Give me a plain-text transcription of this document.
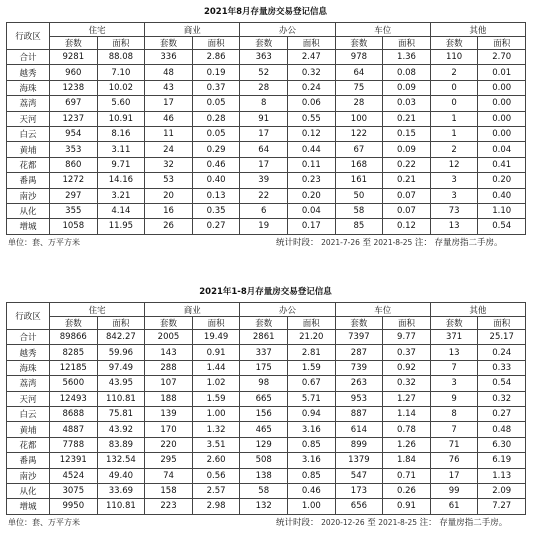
2021年8月存量房交易登记信息
行政区	住宅		商业		办公		车位		其他	
	套数	面积	套数	面积	套数	面积	套数	面积	套数	面积
合计	9281	88.08	336	2.86	363	2.47	978	1.36	110	2.70
越秀	960	7.10	48	0.19	52	0.32	64	0.08	2	0.01
海珠	1238	10.02	43	0.37	28	0.24	75	0.09	0	0.00
荔湾	697	5.60	17	0.05	8	0.06	28	0.03	0	0.00
天河	1237	10.91	46	0.28	91	0.55	100	0.21	1	0.00
白云	954	8.16	11	0.05	17	0.12	122	0.15	1	0.00
黄埔	353	3.11	24	0.29	64	0.44	67	0.09	2	0.04
花都	860	9.71	32	0.46	17	0.11	168	0.22	12	0.41
番禺	1272	14.16	53	0.40	39	0.23	161	0.21	3	0.20
南沙	297	3.21	20	0.13	22	0.20	50	0.07	3	0.40
从化	355	4.14	16	0.35	6	0.04	58	0.07	73	1.10
增城	1058	11.95	26	0.27	19	0.17	85	0.12	13	0.54
单位：套、万平方米	统计时段： 2021-7-26 至 2021-8-25 注： 存量房指二手房。
2021年1-8月存量房交易登记信息
行政区	住宅		商业		办公		车位		其他	
	套数	面积	套数	面积	套数	面积	套数	面积	套数	面积
合计	89866	842.27	2005	19.49	2861	21.20	7397	9.77	371	25.17
越秀	8285	59.96	143	0.91	337	2.81	287	0.37	13	0.24
海珠	12185	97.49	288	1.44	175	1.59	739	0.92	7	0.33
荔湾	5600	43.95	107	1.02	98	0.67	263	0.32	3	0.54
天河	12493	110.81	188	1.59	665	5.71	953	1.27	9	0.32
白云	8688	75.81	139	1.00	156	0.94	887	1.14	8	0.27
黄埔	4887	43.92	170	1.32	465	3.16	614	0.78	7	0.48
花都	7788	83.89	220	3.51	129	0.85	899	1.26	71	6.30
番禺	12391	132.54	295	2.60	508	3.16	1379	1.84	76	6.19
南沙	4524	49.40	74	0.56	138	0.85	547	0.71	17	1.13
从化	3075	33.69	158	2.57	58	0.46	173	0.26	99	2.09
增城	9950	110.81	223	2.98	132	1.00	656	0.91	61	7.27
单位：套、万平方米	统计时段： 2020-12-26 至 2021-8-25 注： 存量房指二手房。
